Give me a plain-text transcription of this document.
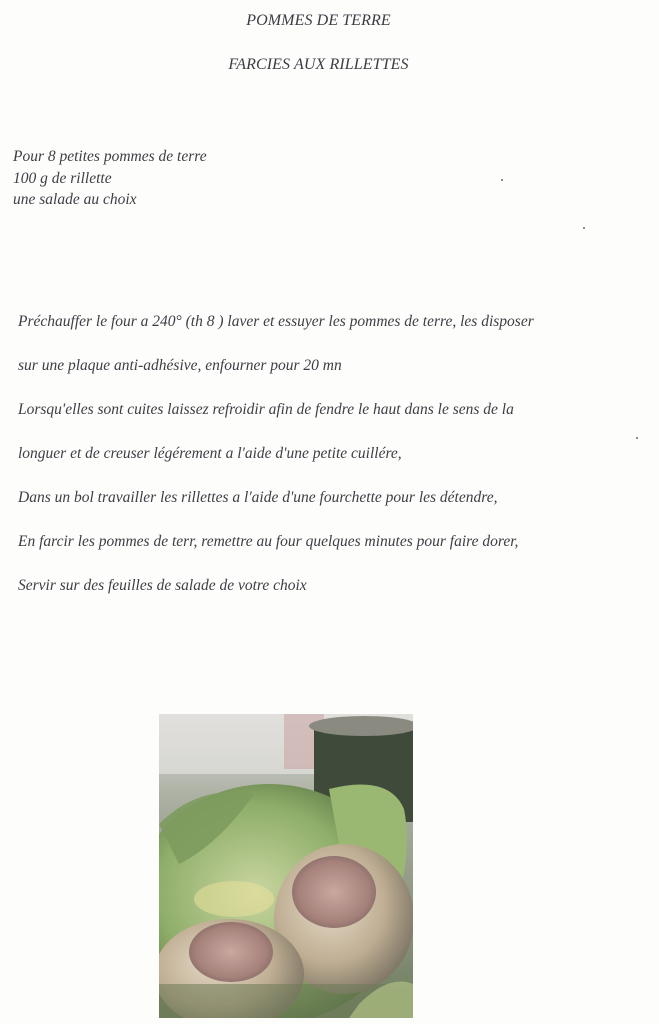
POMMES DE TERRE
FARCIES AUX RILLETTES
Pour 8 petites pommes de terre
100 g de rillette
une salade au choix
Préchauffer le four a 240° (th 8 ) laver et essuyer les pommes de terre, les disposer
sur une plaque anti-adhésive, enfourner pour 20 mn
Lorsqu'elles sont cuites laissez refroidir afin de fendre le haut dans le sens de la
longuer et de creuser légérement a l'aide d'une petite cuillére,
Dans un bol travailler les rillettes a l'aide d'une fourchette pour les détendre,
En farcir les pommes de terr, remettre au four quelques minutes pour faire dorer,
Servir sur des feuilles de salade de votre choix
